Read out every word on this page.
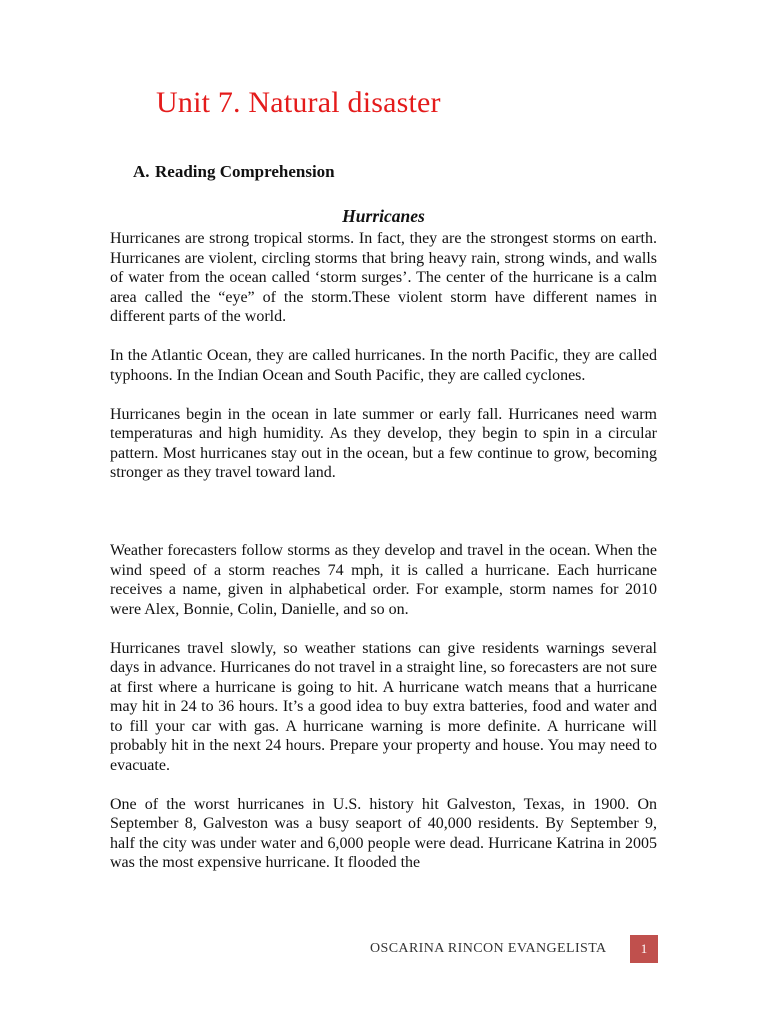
Unit 7. Natural disaster
A. Reading Comprehension
Hurricanes

Hurricanes are strong tropical storms. In fact, they are the strongest storms on earth. Hurricanes are violent, circling storms that bring heavy rain, strong winds, and walls of water from the ocean called ‘storm surges’. The center of the hurricane is a calm area called the “eye” of the storm.These violent storm have different names in different parts of the world.

In the Atlantic Ocean, they are called hurricanes. In the north Pacific, they are called typhoons. In the Indian Ocean and South Pacific, they are called cyclones.

Hurricanes begin in the ocean in late summer or early fall. Hurricanes need warm temperaturas and high humidity. As they develop, they begin to spin in a circular pattern. Most hurricanes stay out in the ocean, but a few continue to grow, becoming stronger as they travel toward land.

Weather forecasters follow storms as they develop and travel in the ocean. When the wind speed of a storm reaches 74 mph, it is called a hurricane. Each hurricane receives a name, given in alphabetical order. For example, storm names for 2010 were Alex, Bonnie, Colin, Danielle, and so on.

Hurricanes travel slowly, so weather stations can give residents warnings several days in advance. Hurricanes do not travel in a straight line, so forecasters are not sure at first where a hurricane is going to hit. A hurricane watch means that a hurricane may hit in 24 to 36 hours. It’s a good idea to buy extra batteries, food and water and to fill your car with gas. A hurricane warning is more definite. A hurricane will probably hit in the next 24 hours. Prepare your property and house. You may need to evacuate.

One of the worst hurricanes in U.S. history hit Galveston, Texas, in 1900. On September 8, Galveston was a busy seaport of 40,000 residents. By September 9, half the city was under water and 6,000 people were dead. Hurricane Katrina in 2005 was the most expensive hurricane. It flooded the

OSCARINA RINCON EVANGELISTA	1
